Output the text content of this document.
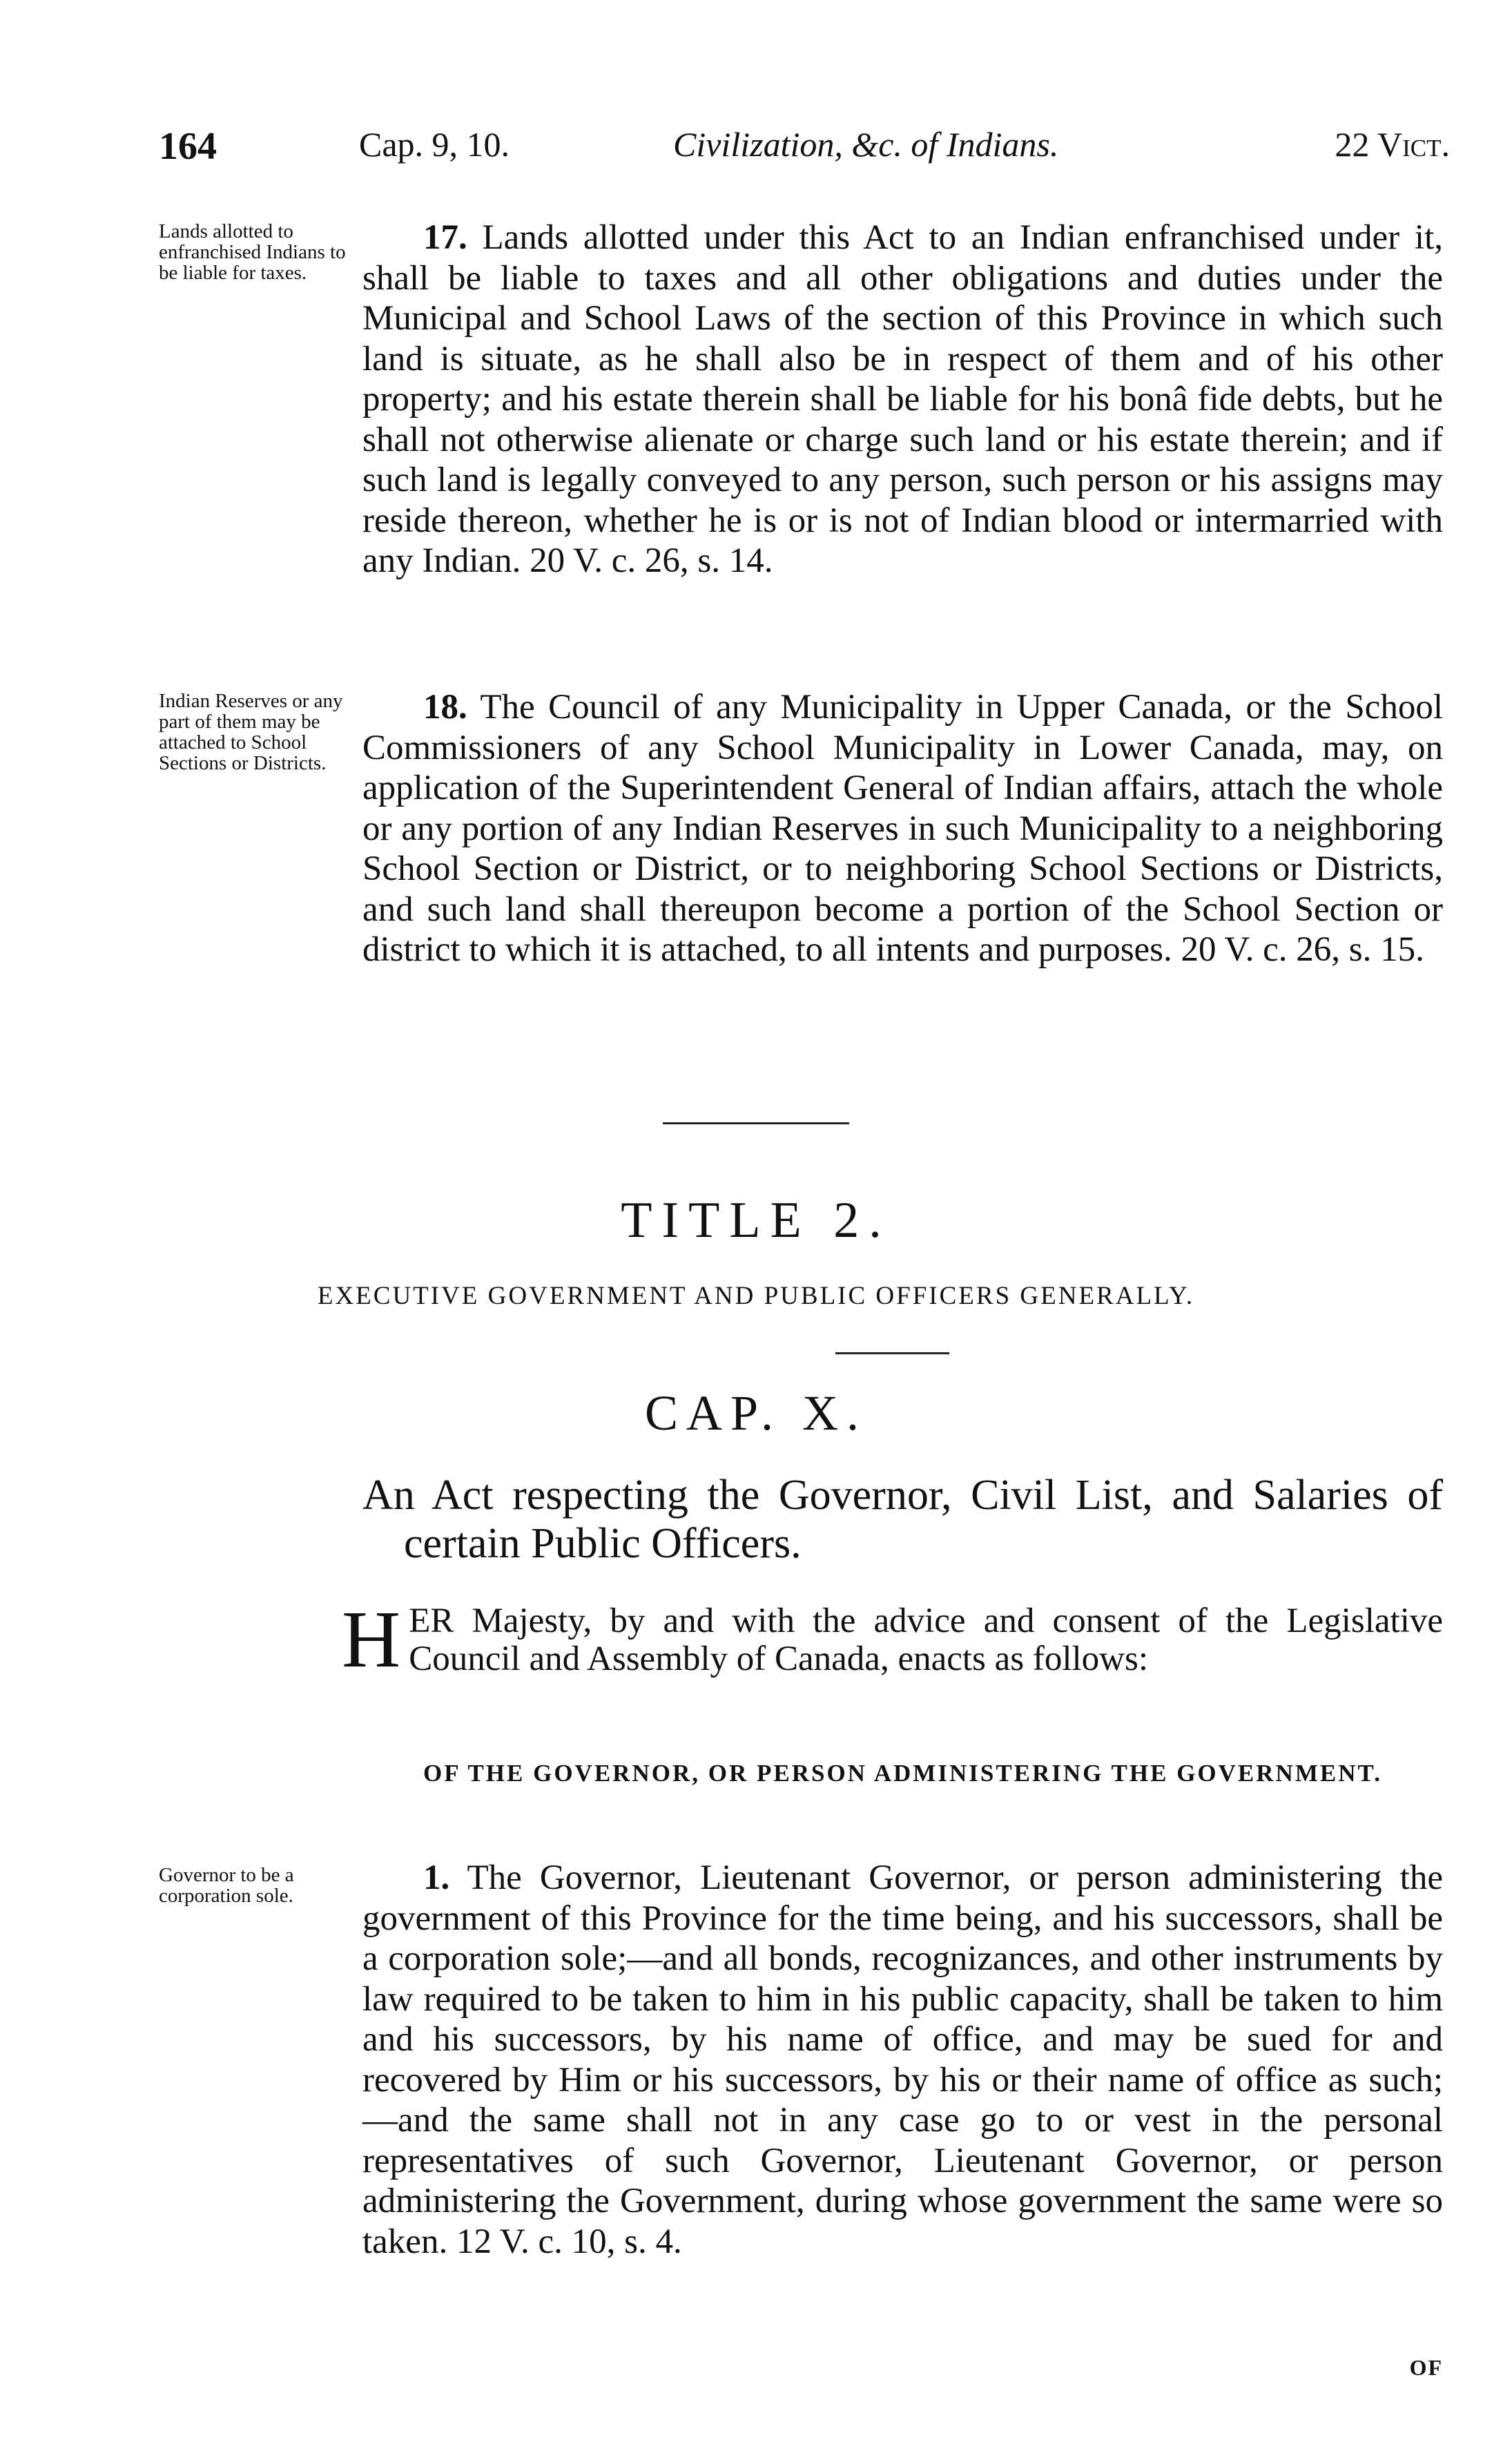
164	Cap. 9, 10.	Civilization, &c. of Indians.	22 Vict.
Lands allotted to enfranchised Indians to be liable for taxes.
17. Lands allotted under this Act to an Indian enfranchised under it, shall be liable to taxes and all other obligations and duties under the Municipal and School Laws of the section of this Province in which such land is situate, as he shall also be in respect of them and of his other property; and his estate therein shall be liable for his bonâ fide debts, but he shall not otherwise alienate or charge such land or his estate therein; and if such land is legally conveyed to any person, such person or his assigns may reside thereon, whether he is or is not of Indian blood or intermarried with any Indian. 20 V. c. 26, s. 14.
Indian Reserves or any part of them may be attached to School Sections or Districts.
18. The Council of any Municipality in Upper Canada, or the School Commissioners of any School Municipality in Lower Canada, may, on application of the Superintendent General of Indian affairs, attach the whole or any portion of any Indian Reserves in such Municipality to a neighboring School Section or District, or to neighboring School Sections or Districts, and such land shall thereupon become a portion of the School Section or district to which it is attached, to all intents and purposes. 20 V. c. 26, s. 15.
TITLE 2.
EXECUTIVE GOVERNMENT AND PUBLIC OFFICERS GENERALLY.
CAP. X.
An Act respecting the Governor, Civil List, and Salaries of certain Public Officers.
HER Majesty, by and with the advice and consent of the Legislative Council and Assembly of Canada, enacts as follows:
OF THE GOVERNOR, OR PERSON ADMINISTERING THE GOVERNMENT.
Governor to be a corporation sole.	1. The Governor, Lieutenant Governor, or person administering the government of this Province for the time being, and his successors, shall be a corporation sole;—and all bonds, recognizances, and other instruments by law required to be taken to him in his public capacity, shall be taken to him and his successors, by his name of office, and may be sued for and recovered by Him or his successors, by his or their name of office as such;—and the same shall not in any case go to or vest in the personal representatives of such Governor, Lieutenant Governor, or person administering the Government, during whose government the same were so taken. 12 V. c. 10, s. 4.
OF
